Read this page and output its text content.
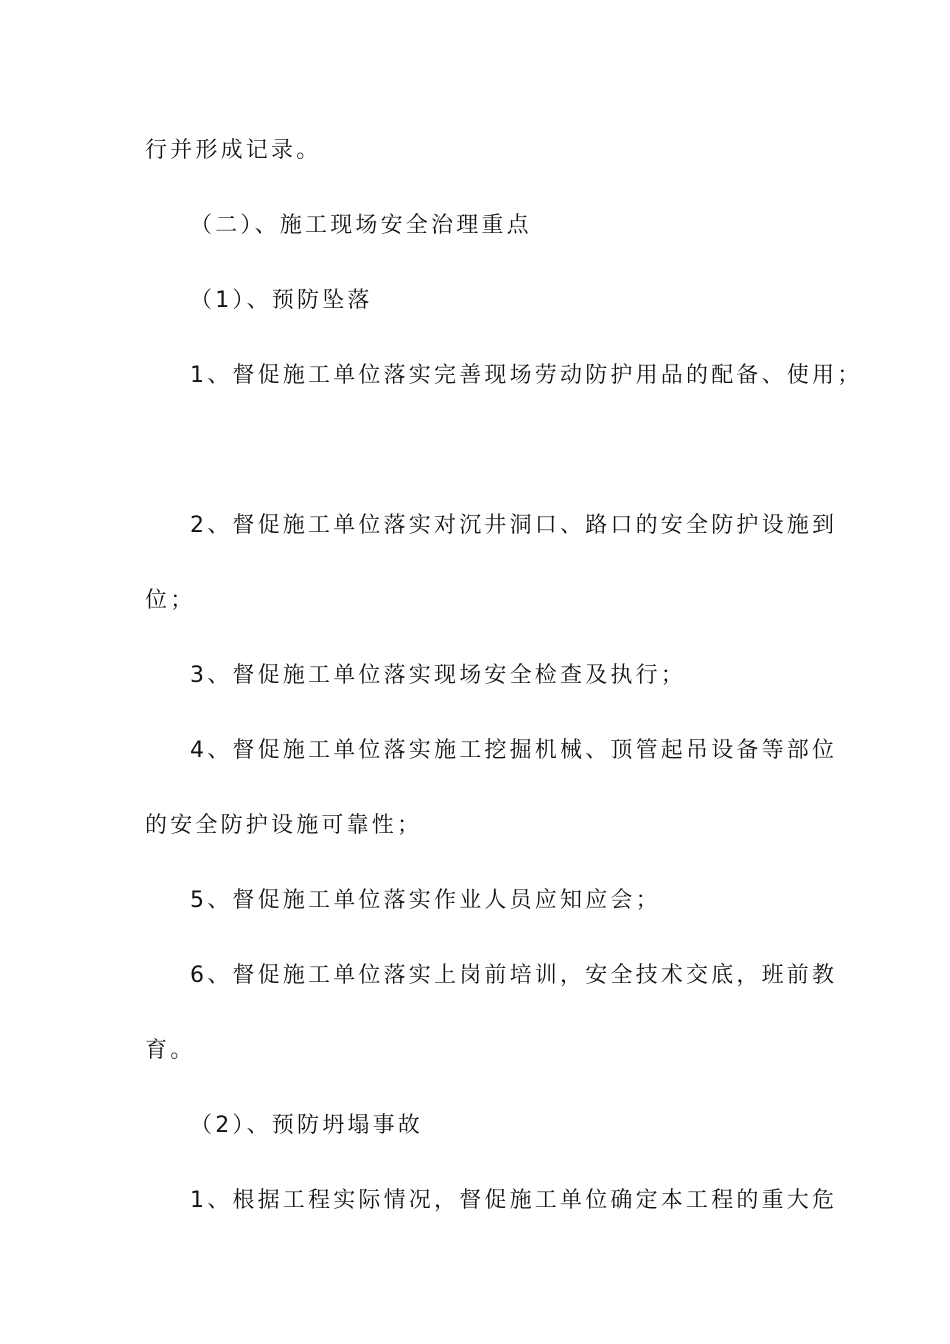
行并形成记录。
（二）、施工现场安全治理重点
（1）、预防坠落
1、督促施工单位落实完善现场劳动防护用品的配备、使用；
2、督促施工单位落实对沉井洞口、路口的安全防护设施到
位；
3、督促施工单位落实现场安全检查及执行；
4、督促施工单位落实施工挖掘机械、顶管起吊设备等部位
的安全防护设施可靠性；
5、督促施工单位落实作业人员应知应会；
6、督促施工单位落实上岗前培训，安全技术交底，班前教
育。
（2）、预防坍塌事故
1、根据工程实际情况，督促施工单位确定本工程的重大危
